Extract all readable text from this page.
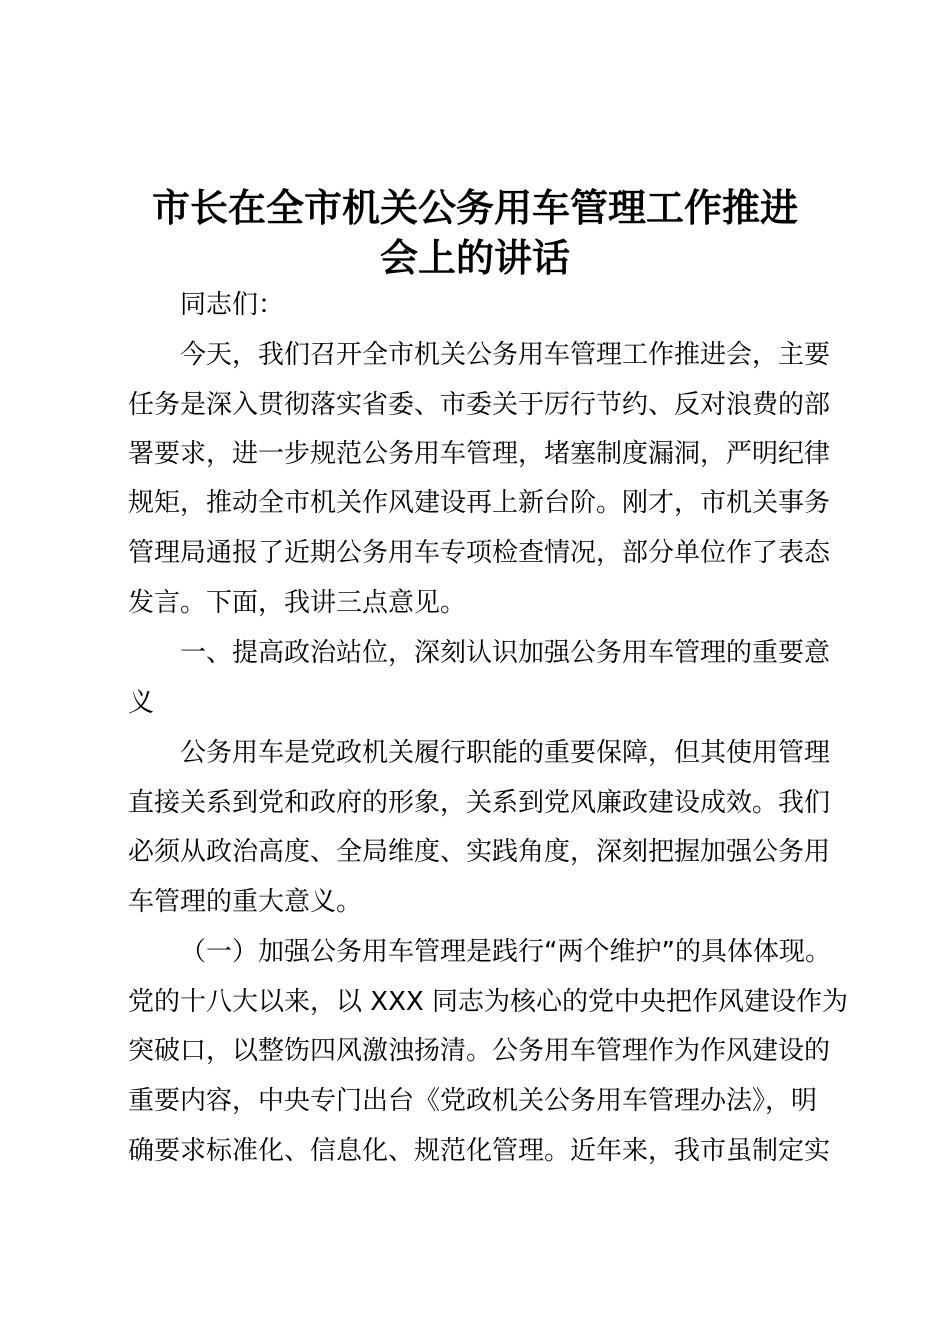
市长在全市机关公务用车管理工作推进
会上的讲话
同志们：
今天，我们召开全市机关公务用车管理工作推进会，主要
任务是深入贯彻落实省委、市委关于厉行节约、反对浪费的部
署要求，进一步规范公务用车管理，堵塞制度漏洞，严明纪律
规矩，推动全市机关作风建设再上新台阶。刚才，市机关事务
管理局通报了近期公务用车专项检查情况，部分单位作了表态
发言。下面，我讲三点意见。
一、提高政治站位，深刻认识加强公务用车管理的重要意
义
公务用车是党政机关履行职能的重要保障，但其使用管理
直接关系到党和政府的形象，关系到党风廉政建设成效。我们
必须从政治高度、全局维度、实践角度，深刻把握加强公务用
车管理的重大意义。
（一）加强公务用车管理是践行“两个维护”的具体体现。
党的十八大以来，以 XXX 同志为核心的党中央把作风建设作为
突破口，以整饬四风激浊扬清。公务用车管理作为作风建设的
重要内容，中央专门出台《党政机关公务用车管理办法》，明
确要求标准化、信息化、规范化管理。近年来，我市虽制定实
